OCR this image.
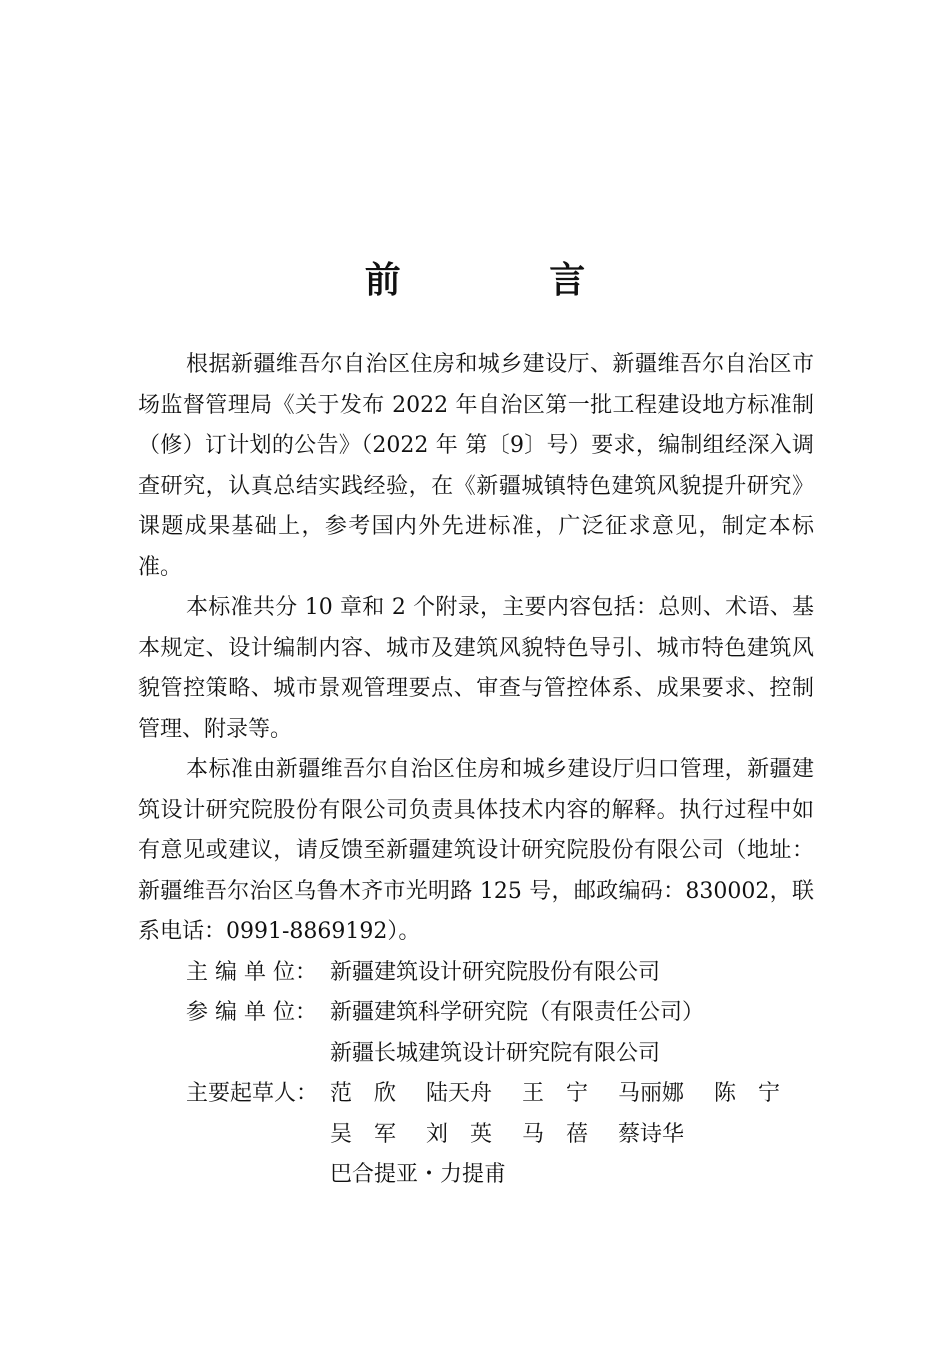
前 言

根据新疆维吾尔自治区住房和城乡建设厅、新疆维吾尔自治区市场监督管理局《关于发布 2022 年自治区第一批工程建设地方标准制（修）订计划的公告》（2022 年 第〔9〕号）要求，编制组经深入调查研究，认真总结实践经验，在《新疆城镇特色建筑风貌提升研究》课题成果基础上，参考国内外先进标准，广泛征求意见，制定本标准。

本标准共分 10 章和 2 个附录，主要内容包括：总则、术语、基本规定、设计编制内容、城市及建筑风貌特色导引、城市特色建筑风貌管控策略、城市景观管理要点、审查与管控体系、成果要求、控制管理、附录等。

本标准由新疆维吾尔自治区住房和城乡建设厅归口管理，新疆建筑设计研究院股份有限公司负责具体技术内容的解释。执行过程中如有意见或建议，请反馈至新疆建筑设计研究院股份有限公司（地址：新疆维吾尔治区乌鲁木齐市光明路 125 号，邮政编码：830002，联系电话：0991-8869192）。

主 编 单 位： 新疆建筑设计研究院股份有限公司
参 编 单 位： 新疆建筑科学研究院（有限责任公司）
新疆长城建筑设计研究院有限公司
主要起草人： 范　欣	陆天舟	王　宁	马丽娜	陈　宁
吴　军	刘　英	马　蓓	蔡诗华
巴合提亚・力提甫
